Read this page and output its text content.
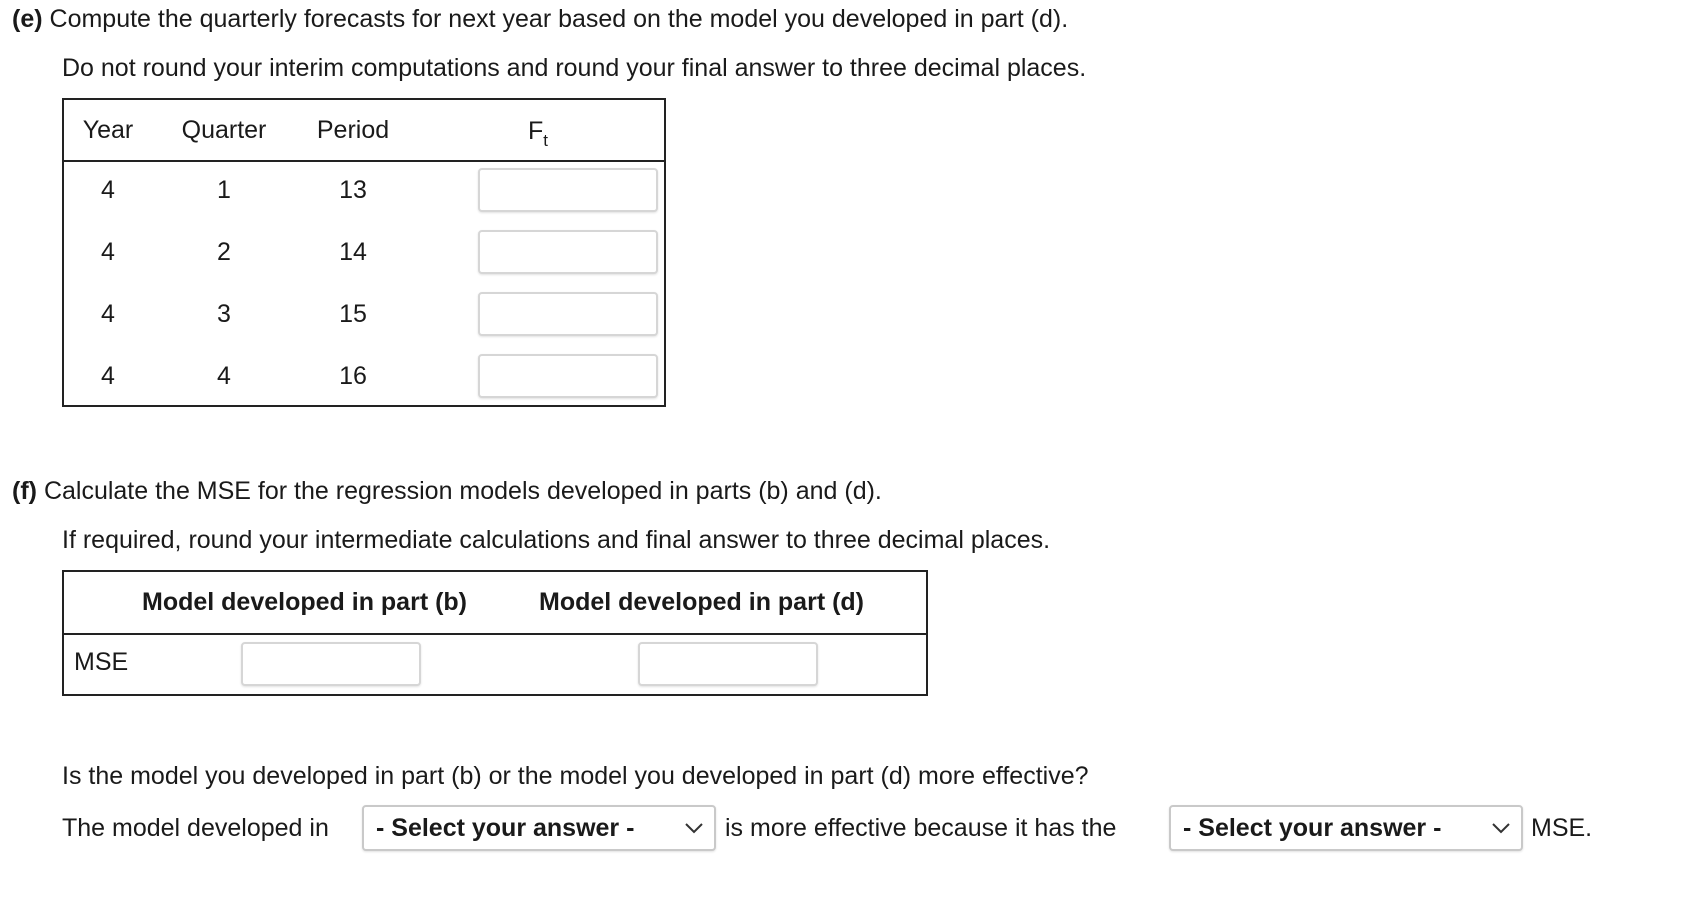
(e) Compute the quarterly forecasts for next year based on the model you developed in part (d).
Do not round your interim computations and round your final answer to three decimal places.
Year Quarter Period	$F_t$
4	1	13
4	2	14
4	3	15
4	4	16
(f) Calculate the MSE for the regression models developed in parts (b) and (d).
If required, round your intermediate calculations and final answer to three decimal places.
Model developed in part (b)	Model developed in part (d)
MSE
Is the model you developed in part (b) or the model you developed in part (d) more effective?
The model developed in	- Select your answer -	is more effective because it has the	- Select your answer -	MSE.
